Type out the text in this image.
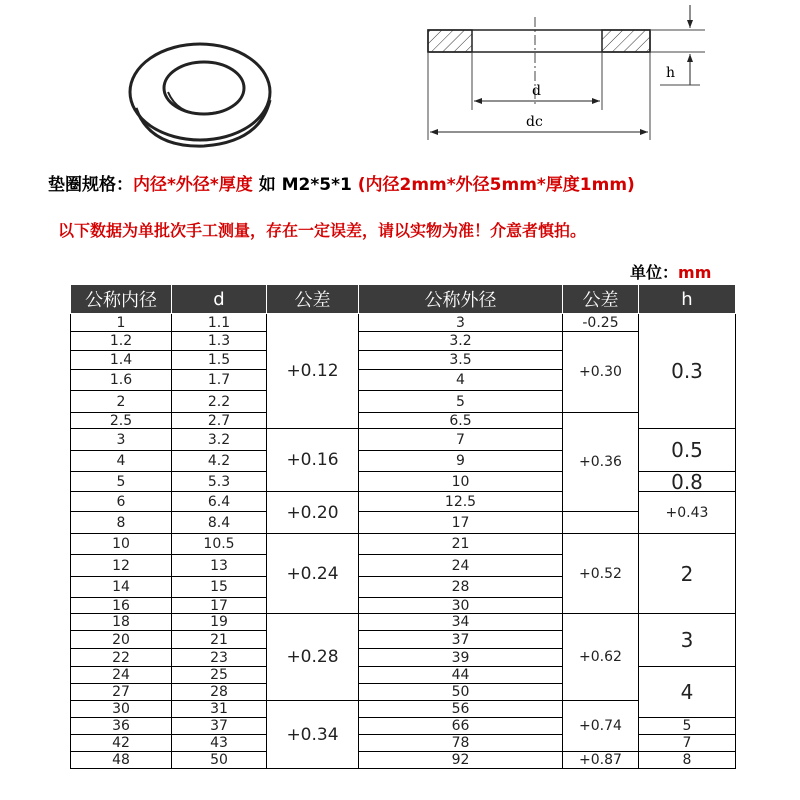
d
dc
h
垫圈规格：内径*外径*厚度 如 M2*5*1 (内径2mm*外径5mm*厚度1mm)
以下数据为单批次手工测量，存在一定误差，请以实物为准！介意者慎拍。
单位：mm
公称内径	d	公差	公称外径	公差	h	
1	1.1	+0.12	3	-0.25	0.3	
1.2	1.3		3.2	+0.30		
1.4	1.5		3.5			
1.6	1.7		4			
2	2.2		5			
2.5	2.7		6.5	+0.36		
3	3.2	+0.16	7		0.5	
4	4.2		9			
5	5.3		10		0.8	
6	6.4	+0.20	12.5		+0.43	
8	8.4		17			
10	10.5	+0.24	21	+0.52	2	
12	13		24			
14	15		28			
16	17		30			
18	19	+0.28	34	+0.62	3	
20	21		37			
22	23		39			
24	25		44		4	
27	28		50			
30	31	+0.34	56	+0.74		
36	37		66		5	
42	43		78		7	
48	50		92	+0.87	8	
